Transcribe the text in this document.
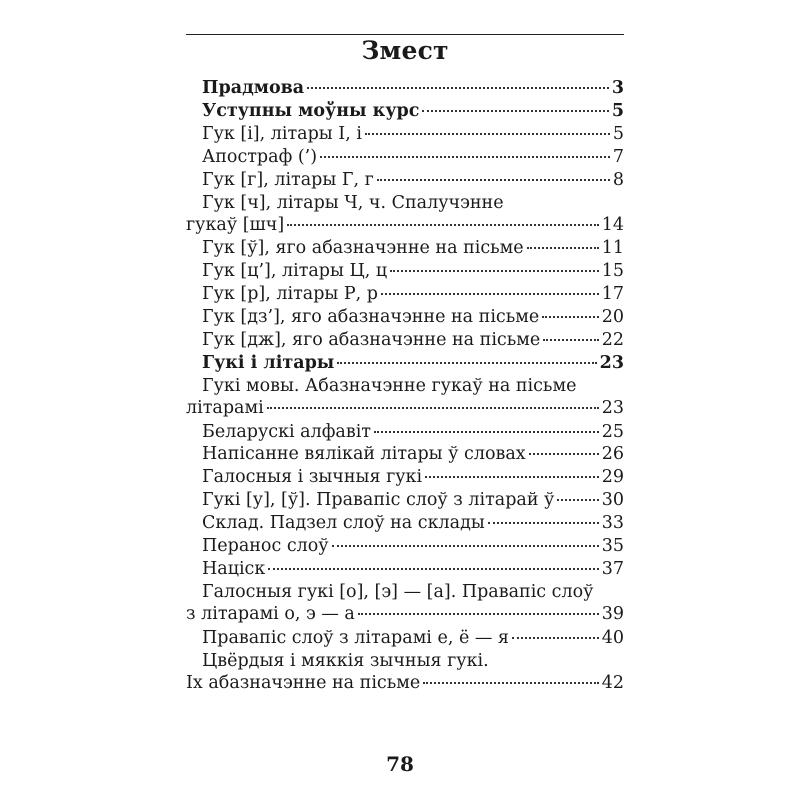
Змест
Прадмова	3
Уступны моўны курс	5
Гук [і], літары І, і	5
Апостраф (’)	7
Гук [г], літары Г, г	8
Гук [ч], літары Ч, ч. Спалучэнне
гукаў [шч]	14
Гук [ў], яго абазначэнне на пісьме	11
Гук [ц’], літары Ц, ц	15
Гук [р], літары Р, р	17
Гук [дз’], яго абазначэнне на пісьме	20
Гук [дж], яго абазначэнне на пісьме	22
Гукі і літары	23
Гукі мовы. Абазначэнне гукаў на пісьме
літарамі	23
Беларускі алфавіт	25
Напісанне вялікай літары ў словах	26
Галосныя і зычныя гукі	29
Гукі [у], [ў]. Правапіс слоў з літарай ў	30
Склад. Падзел слоў на склады	33
Перанос слоў	35
Націск	37
Галосныя гукі [о], [э] — [а]. Правапіс слоў
з літарамі о, э — а	39
Правапіс слоў з літарамі е, ё — я	40
Цвёрдыя і мяккія зычныя гукі.
Іх абазначэнне на пісьме	42
78
